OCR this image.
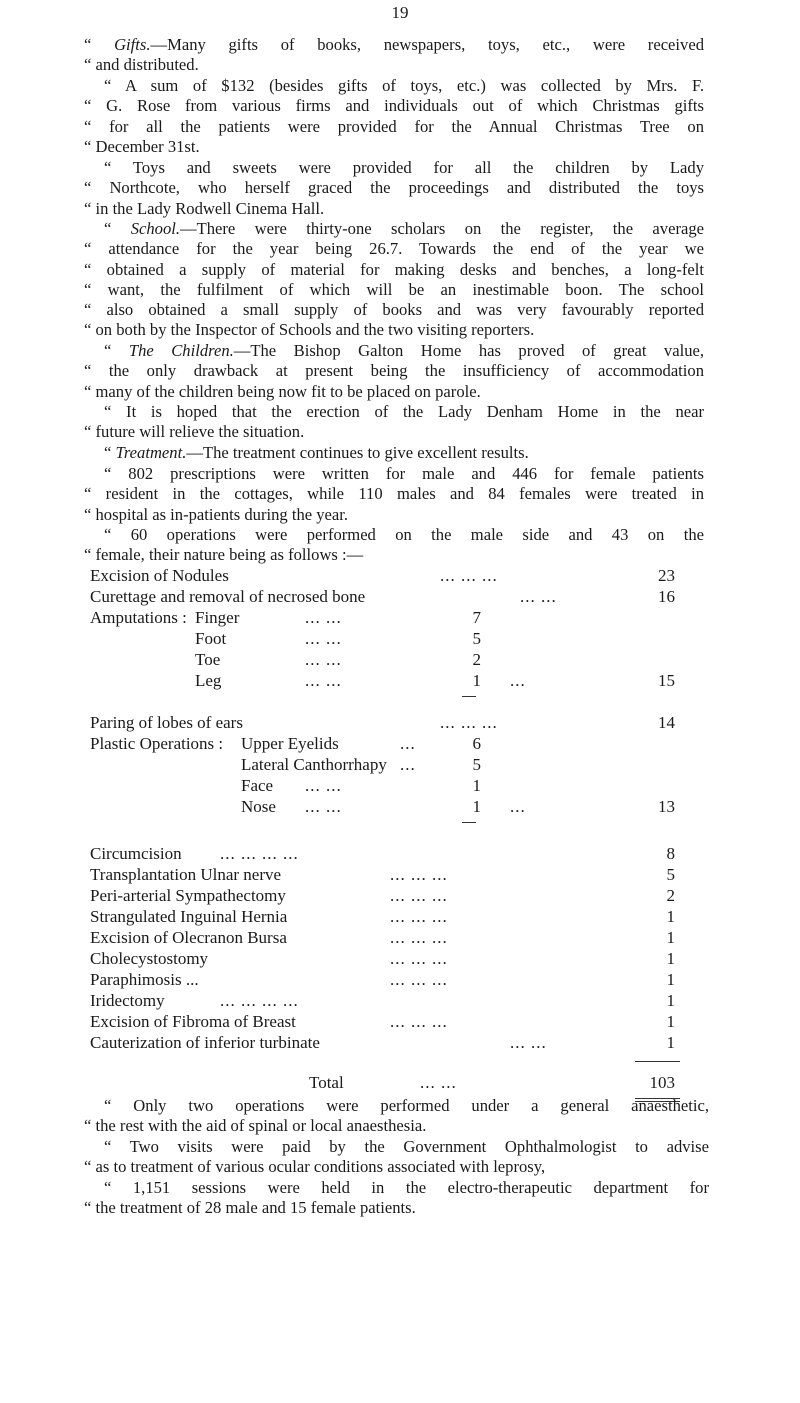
19
“ Gifts.—Many gifts of books, newspapers, toys, etc., were received
“ and distributed.
“ A sum of $132 (besides gifts of toys, etc.) was collected by Mrs. F.
“ G. Rose from various firms and individuals out of which Christmas gifts
“ for all the patients were provided for the Annual Christmas Tree on
“ December 31st.
“ Toys and sweets were provided for all the children by Lady
“ Northcote, who herself graced the proceedings and distributed the toys
“ in the Lady Rodwell Cinema Hall.
“ School.—There were thirty-one scholars on the register, the average
“ attendance for the year being 26.7. Towards the end of the year we
“ obtained a supply of material for making desks and benches, a long-felt
“ want, the fulfilment of which will be an inestimable boon. The school
“ also obtained a small supply of books and was very favourably reported
“ on both by the Inspector of Schools and the two visiting reporters.
“ The Children.—The Bishop Galton Home has proved of great value,
“ the only drawback at present being the insufficiency of accommodation
“ many of the children being now fit to be placed on parole.
“ It is hoped that the erection of the Lady Denham Home in the near
“ future will relieve the situation.
“ Treatment.—The treatment continues to give excellent results.
“ 802 prescriptions were written for male and 446 for female patients
“ resident in the cottages, while 110 males and 84 females were treated in
“ hospital as in-patients during the year.
“ 60 operations were performed on the male side and 43 on the
“ female, their nature being as follows :—
Excision of Nodules	... ... ...	23
Curettage and removal of necrosed bone	... ...	16
Amputations : Finger	... ...	7
Foot	... ...	5
Toe	... ...	2
Leg	... ...	1 ...	15
Paring of lobes of ears	... ... ...	14
Plastic Operations : Upper Eyelids	...	6
Lateral Canthorrhapy ...	5
Face ... ...	1
Nose ... ...	1 ...	13
Circumcision ... ... ... ...	8
Transplantation Ulnar nerve	... ... ...	5
Peri-arterial Sympathectomy	... ... ...	2
Strangulated Inguinal Hernia	... ... ...	1
Excision of Olecranon Bursa	... ... ...	1
Cholecystostomy	... ... ...	1
Paraphimosis ...	... ... ...	1
Iridectomy	... ... ... ...	1
Excision of Fibroma of Breast	... ... ...	1
Cauterization of inferior turbinate	... ...	1
Total	... ...	103
“ Only two operations were performed under a general anaesthetic,
“ the rest with the aid of spinal or local anaesthesia.
“ Two visits were paid by the Government Ophthalmologist to advise
“ as to treatment of various ocular conditions associated with leprosy,
“ 1,151 sessions were held in the electro-therapeutic department for
“ the treatment of 28 male and 15 female patients.
